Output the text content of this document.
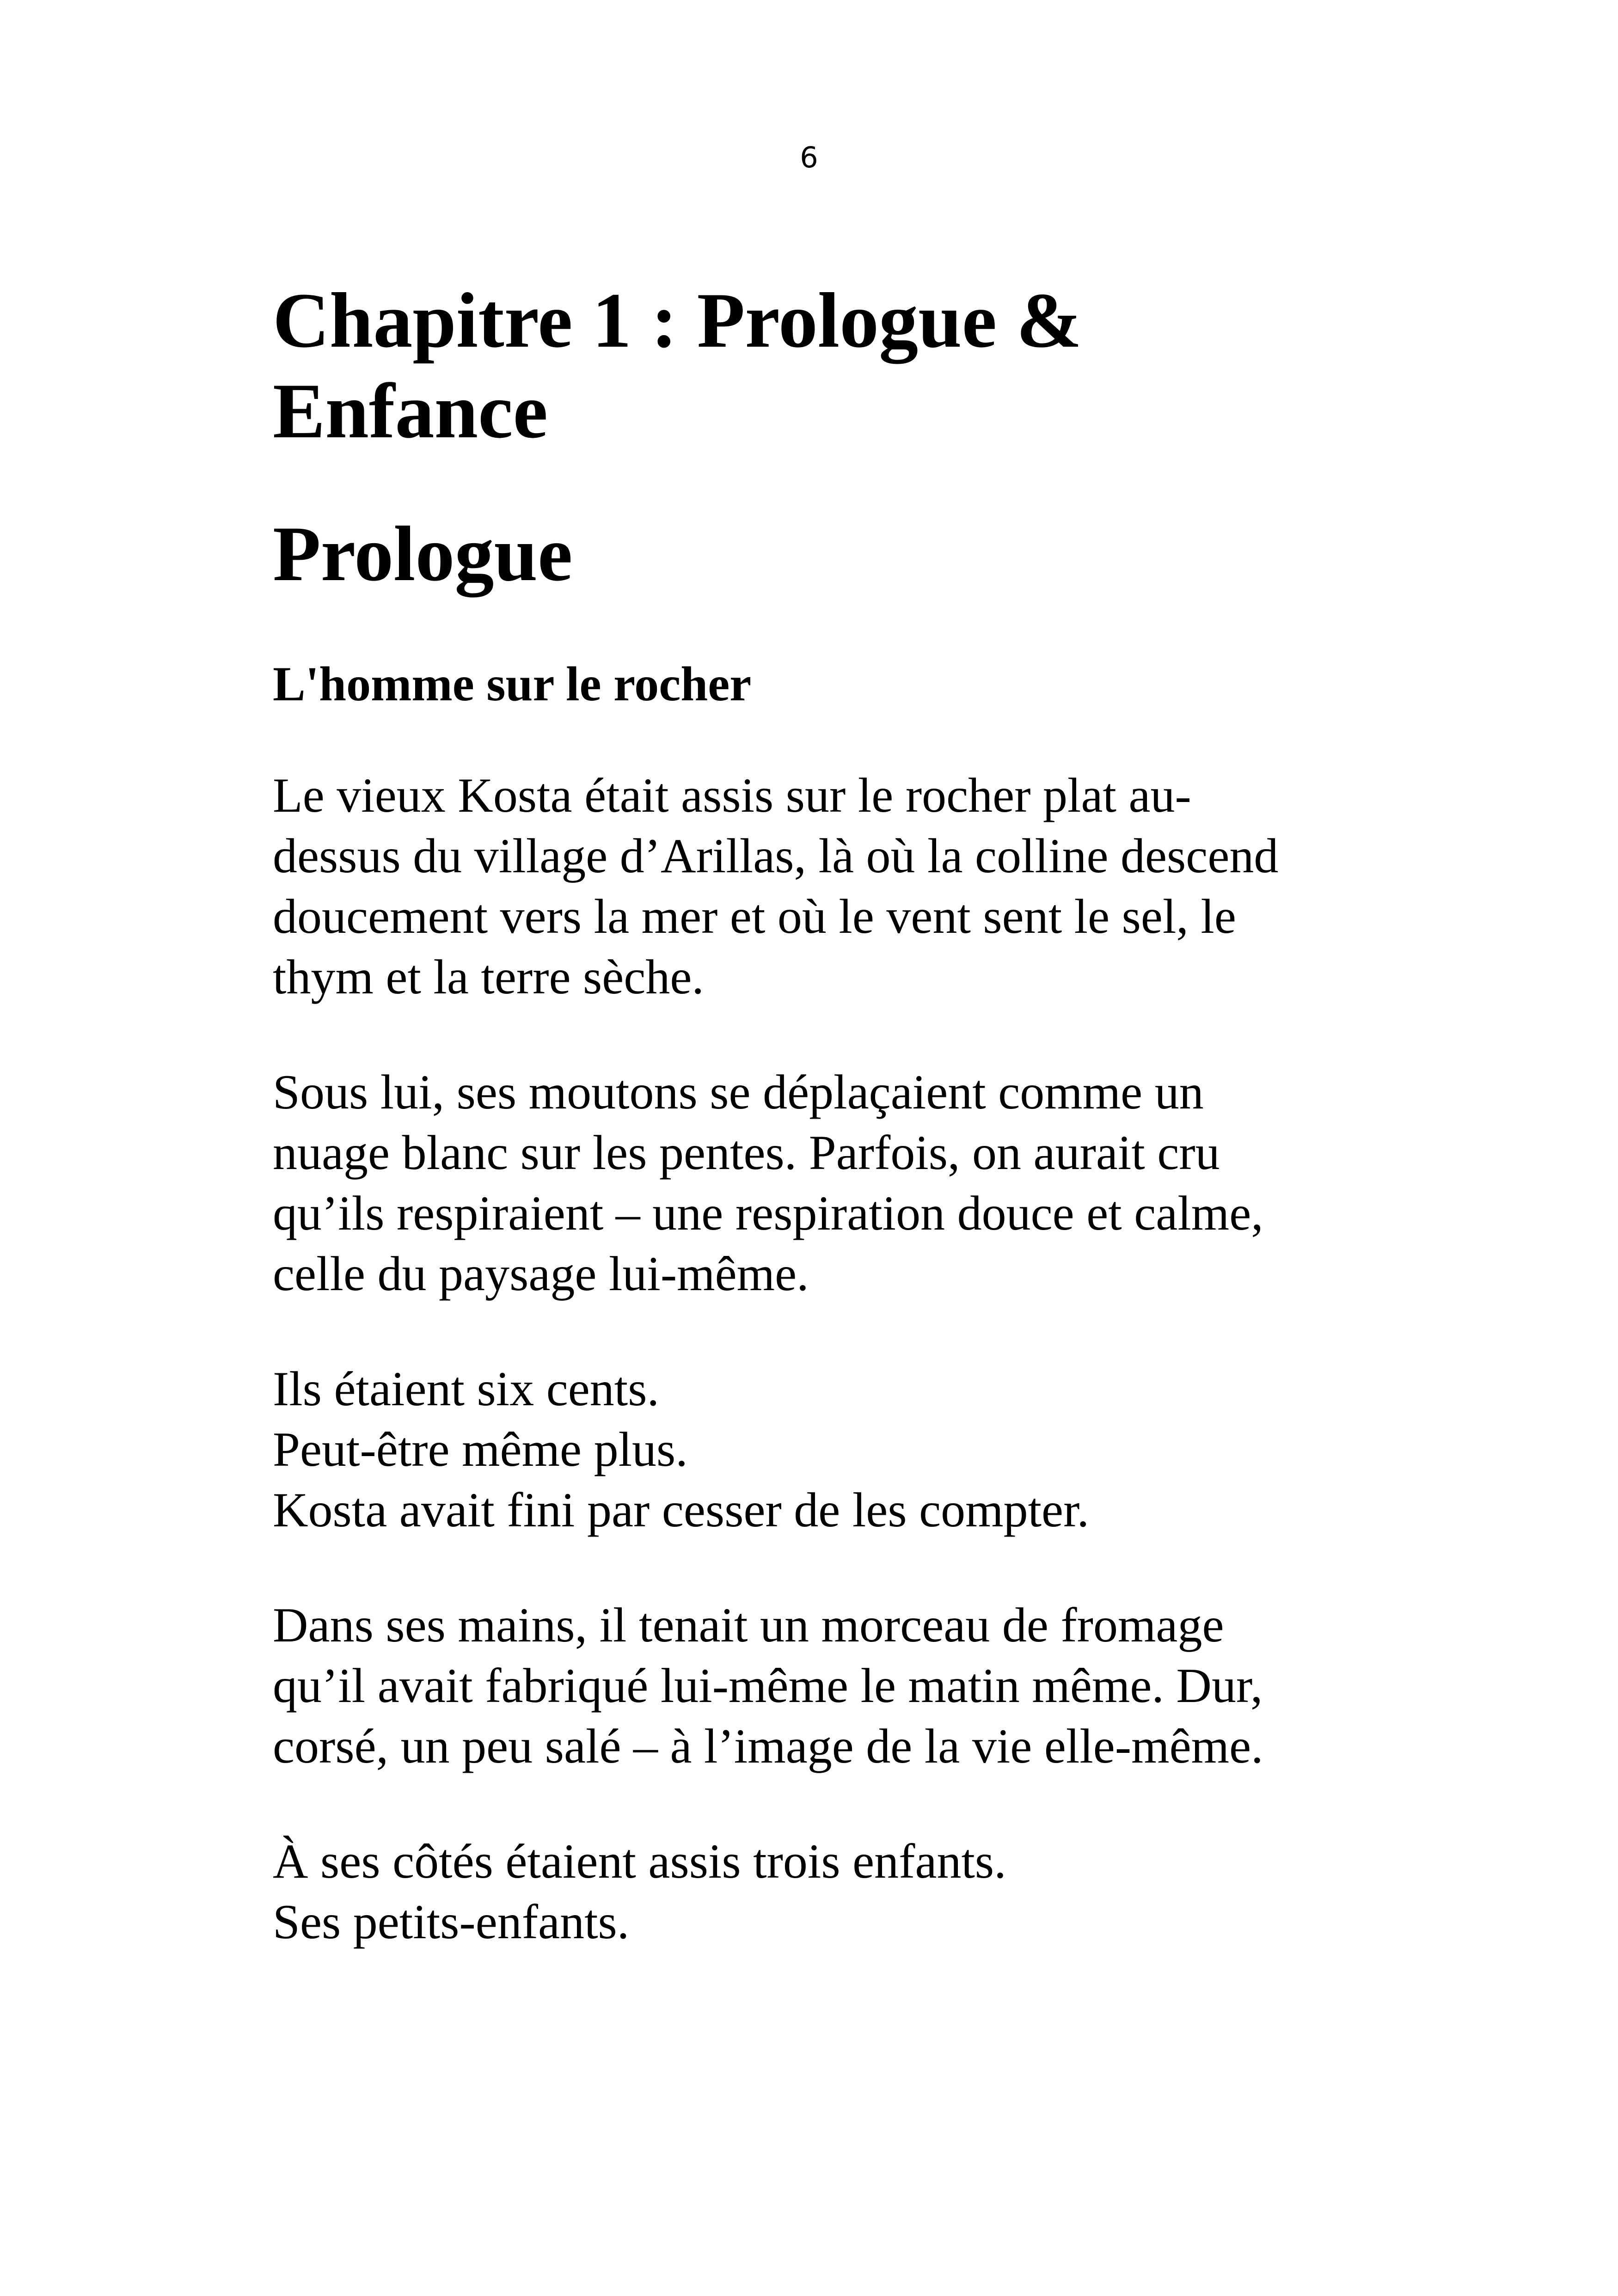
6
Chapitre 1 : Prologue &
Enfance
Prologue
L'homme sur le rocher

Le vieux Kosta était assis sur le rocher plat au-
dessus du village d’Arillas, là où la colline descend
doucement vers la mer et où le vent sent le sel, le
thym et la terre sèche.

Sous lui, ses moutons se déplaçaient comme un
nuage blanc sur les pentes. Parfois, on aurait cru
qu’ils respiraient – une respiration douce et calme,
celle du paysage lui-même.

Ils étaient six cents.
Peut-être même plus.
Kosta avait fini par cesser de les compter.

Dans ses mains, il tenait un morceau de fromage
qu’il avait fabriqué lui-même le matin même. Dur,
corsé, un peu salé – à l’image de la vie elle-même.

À ses côtés étaient assis trois enfants.
Ses petits-enfants.
